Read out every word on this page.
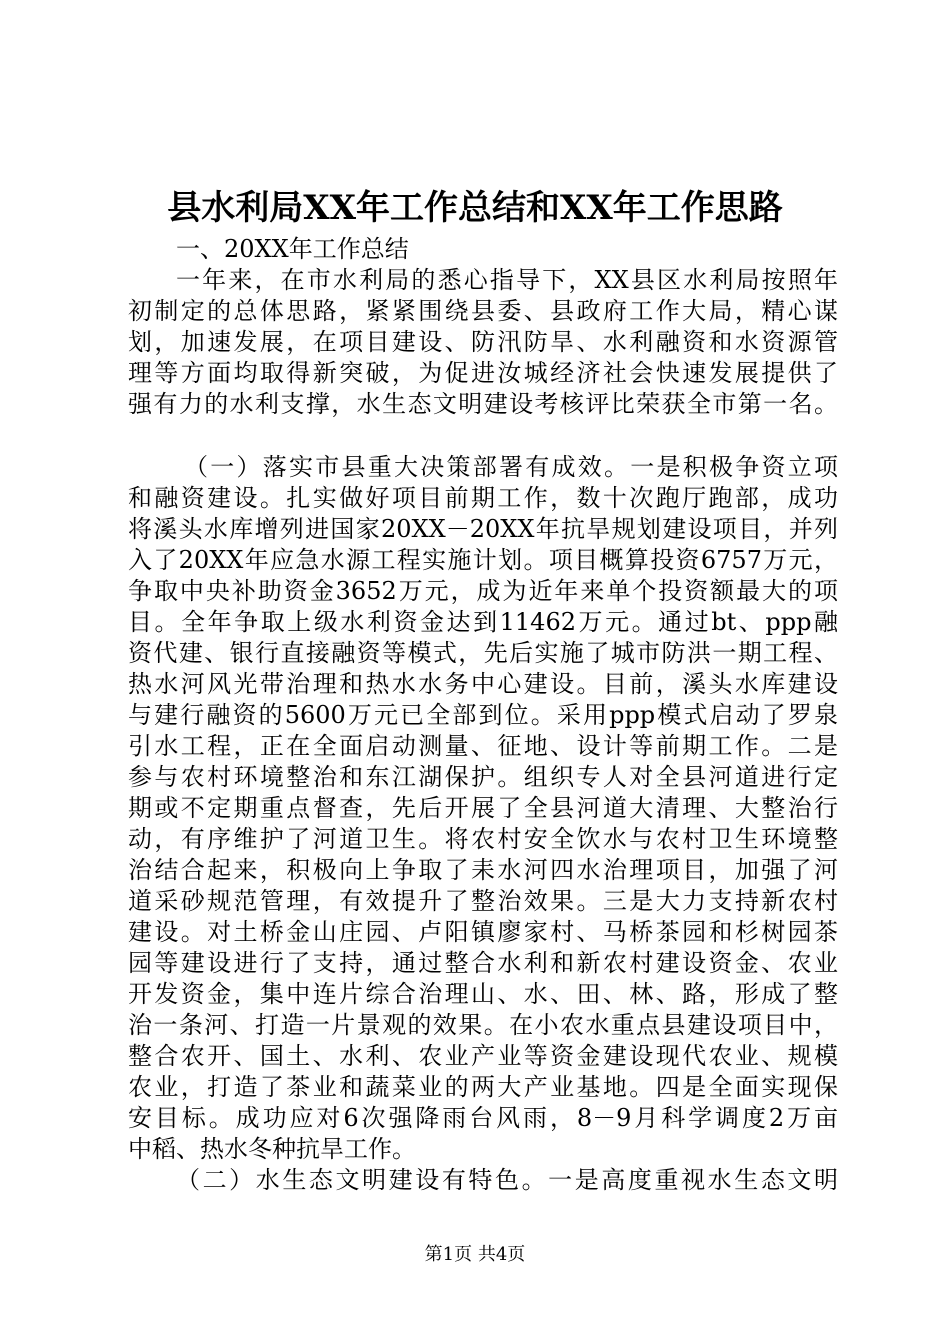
县水利局XX年工作总结和XX年工作思路
一、20XX年工作总结
一年来，在市水利局的悉心指导下，XX县区水利局按照年
初制定的总体思路，紧紧围绕县委、县政府工作大局，精心谋
划，加速发展，在项目建设、防汛防旱、水利融资和水资源管
理等方面均取得新突破，为促进汝城经济社会快速发展提供了
强有力的水利支撑，水生态文明建设考核评比荣获全市第一名。
（一）落实市县重大决策部署有成效。一是积极争资立项
和融资建设。扎实做好项目前期工作，数十次跑厅跑部，成功
将溪头水库增列进国家20XX－20XX年抗旱规划建设项目，并列
入了20XX年应急水源工程实施计划。项目概算投资6757万元，
争取中央补助资金3652万元，成为近年来单个投资额最大的项
目。全年争取上级水利资金达到11462万元。通过bt、ppp融
资代建、银行直接融资等模式，先后实施了城市防洪一期工程、
热水河风光带治理和热水水务中心建设。目前，溪头水库建设
与建行融资的5600万元已全部到位。采用ppp模式启动了罗泉
引水工程，正在全面启动测量、征地、设计等前期工作。二是
参与农村环境整治和东江湖保护。组织专人对全县河道进行定
期或不定期重点督查，先后开展了全县河道大清理、大整治行
动，有序维护了河道卫生。将农村安全饮水与农村卫生环境整
治结合起来，积极向上争取了耒水河四水治理项目，加强了河
道采砂规范管理，有效提升了整治效果。三是大力支持新农村
建设。对土桥金山庄园、卢阳镇廖家村、马桥茶园和杉树园茶
园等建设进行了支持，通过整合水利和新农村建设资金、农业
开发资金，集中连片综合治理山、水、田、林、路，形成了整
治一条河、打造一片景观的效果。在小农水重点县建设项目中，
整合农开、国土、水利、农业产业等资金建设现代农业、规模
农业，打造了茶业和蔬菜业的两大产业基地。四是全面实现保
安目标。成功应对6次强降雨台风雨，8－9月科学调度2万亩
中稻、热水冬种抗旱工作。
（二）水生态文明建设有特色。一是高度重视水生态文明
第1页 共4页
